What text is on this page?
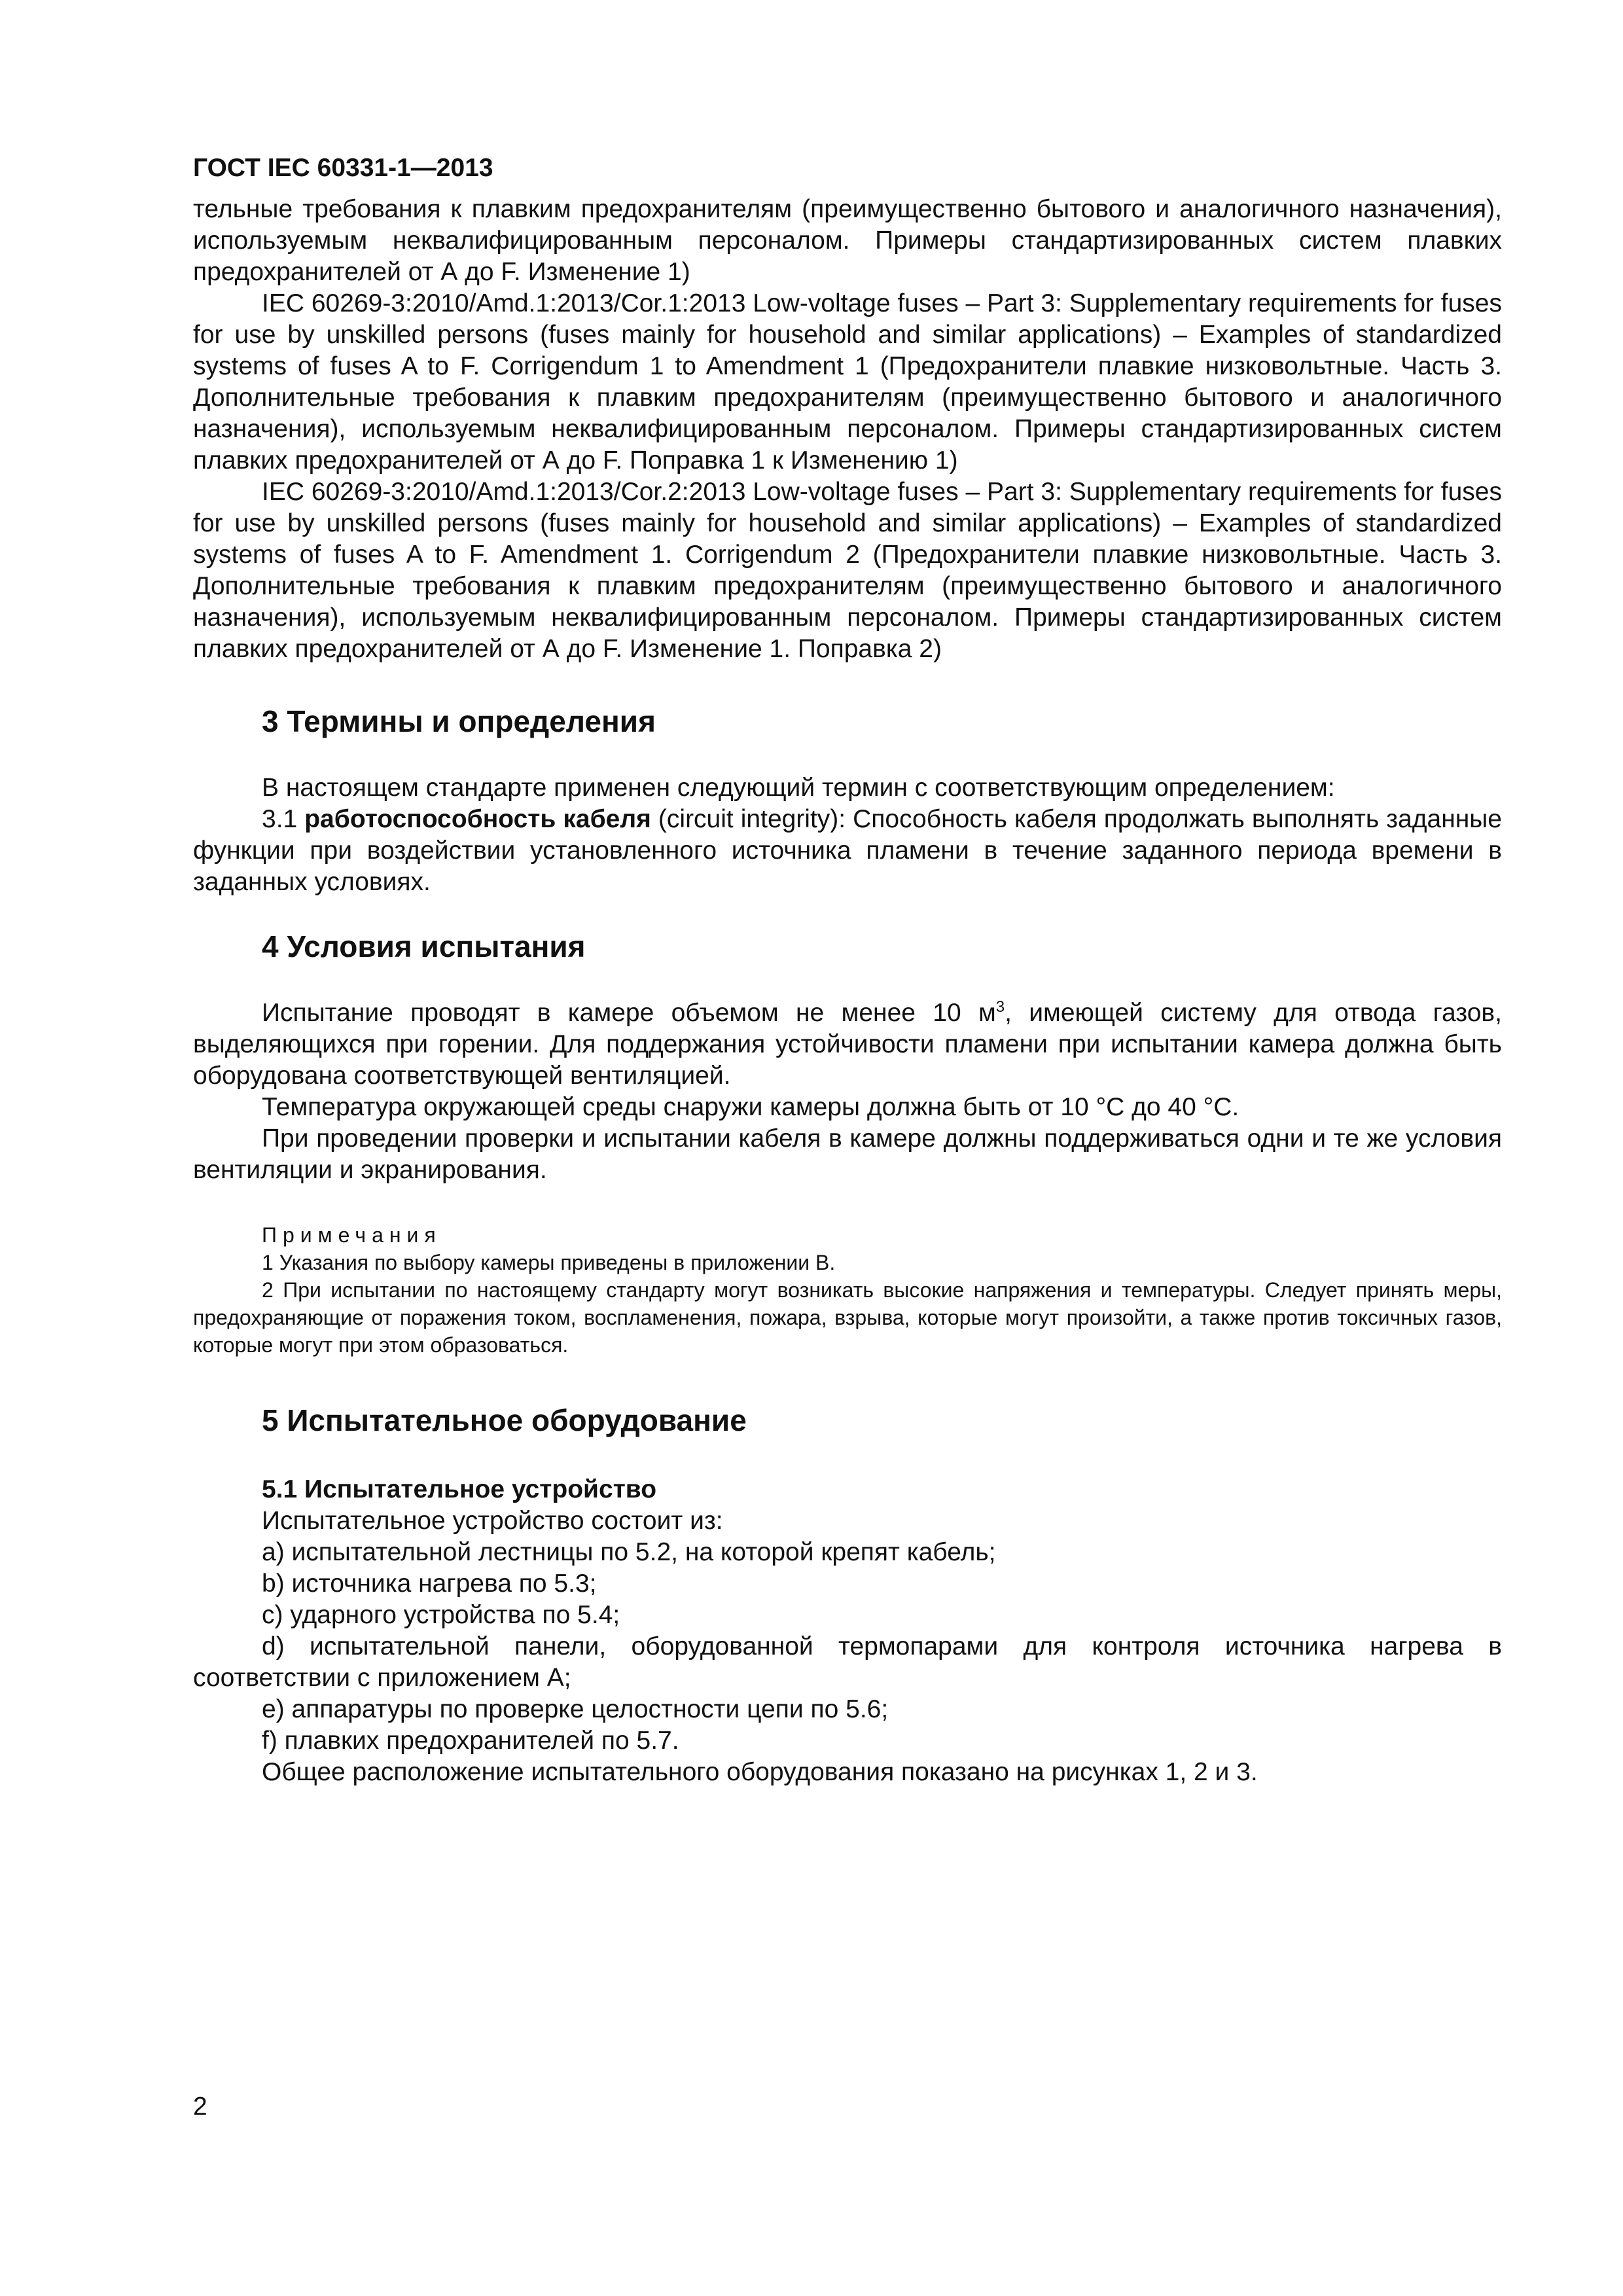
ГОСТ IEC 60331-1—2013

тельные требования к плавким предохранителям (преимущественно бытового и аналогичного назначения), используемым неквалифицированным персоналом. Примеры стандартизированных систем плавких предохранителей от А до F. Изменение 1)

IEC 60269-3:2010/Amd.1:2013/Cor.1:2013 Low-voltage fuses – Part 3: Supplementary requirements for fuses for use by unskilled persons (fuses mainly for household and similar applications) – Examples of standardized systems of fuses A to F. Corrigendum 1 to Amendment 1 (Предохранители плавкие низковольтные. Часть 3. Дополнительные требования к плавким предохранителям (преимущественно бытового и аналогичного назначения), используемым неквалифицированным персоналом. Примеры стандартизированных систем плавких предохранителей от А до F. Поправка 1 к Изменению 1)

IEC 60269-3:2010/Amd.1:2013/Cor.2:2013 Low-voltage fuses – Part 3: Supplementary requirements for fuses for use by unskilled persons (fuses mainly for household and similar applications) – Examples of standardized systems of fuses A to F. Amendment 1. Corrigendum 2 (Предохранители плавкие низковольтные. Часть 3. Дополнительные требования к плавким предохранителям (преимущественно бытового и аналогичного назначения), используемым неквалифицированным персоналом. Примеры стандартизированных систем плавких предохранителей от А до F. Изменение 1. Поправка 2)

3 Термины и определения

В настоящем стандарте применен следующий термин с соответствующим определением:

3.1 работоспособность кабеля (circuit integrity): Способность кабеля продолжать выполнять заданные функции при воздействии установленного источника пламени в течение заданного периода времени в заданных условиях.

4 Условия испытания

Испытание проводят в камере объемом не менее 10 $м^3$, имеющей систему для отвода газов, выделяющихся при горении. Для поддержания устойчивости пламени при испытании камера должна быть оборудована соответствующей вентиляцией.

Температура окружающей среды снаружи камеры должна быть от 10 °С до 40 °С.

При проведении проверки и испытании кабеля в камере должны поддерживаться одни и те же условия вентиляции и экранирования.

Примечания

1 Указания по выбору камеры приведены в приложении В.

2 При испытании по настоящему стандарту могут возникать высокие напряжения и температуры. Следует принять меры, предохраняющие от поражения током, воспламенения, пожара, взрыва, которые могут произойти, а также против токсичных газов, которые могут при этом образоваться.

5 Испытательное оборудование

5.1 Испытательное устройство

Испытательное устройство состоит из:

a) испытательной лестницы по 5.2, на которой крепят кабель;

b) источника нагрева по 5.3;

c) ударного устройства по 5.4;

d) испытательной панели, оборудованной термопарами для контроля источника нагрева в соответствии с приложением А;

e) аппаратуры по проверке целостности цепи по 5.6;

f) плавких предохранителей по 5.7.

Общее расположение испытательного оборудования показано на рисунках 1, 2 и 3.

2
